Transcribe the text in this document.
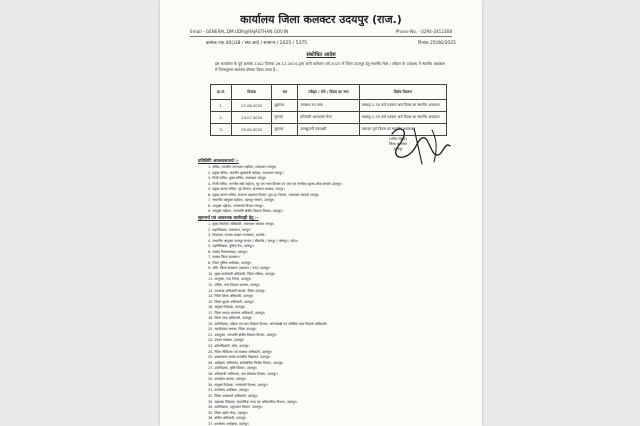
कार्यालय जिला कलक्टर उदयपुर (राज.)
Email - GENERAL.DM.UDR@RAJASTHAN.GOV.IN	Phone No. - 0294-2412308
क्रमांक एफ.40()28 / स्था.आदे / सामान्य / 2025 / 5375	दिनांक 25/06/2025
संशोधित आदेश
इस कार्यालय के पूर्व क्रमांक 1342 दिनांक 26.12.2024 द्वारा जारी कलेक्टर वर्ष 2025 में जिला उदयपुर हेतु स्थानीय मेला / त्यौहार के उपलक्ष्य में स्थानीय अवकाश में निम्नानुसार संशोधन घोषणा किया जाता है :-
क्र.सं.	दिनांक	वार	त्यौहार / मेले / दिवस का नाम	विशेष विवरण
1.	27.06.2025	शुक्रवार	जगन्नाथ रथ यात्रा	मध्याह्न 1:30 बजे पश्चात अर्ध दिवस का स्थानीय अवकाश
2.	24.07.2025	गुरुवार	हरियाली अमावस्या मेला	मध्याह्न 1:30 बजे पश्चात अर्ध दिवस का स्थानीय अवकाश
3.	03.09.2025	बुधवार	जलझूलनी एकादशी	यथावत पूर्ण दिवस का स्थानीय अवकाश
(नमित मेहता)
जिला कलक्टर
उदयपुर
प्रतिलिपि आवश्यकतार्थ :-
1. सचिव, माननीय राज्यपाल महोदय, राजभवन जयपुर।
2. प्रमुख सचिव, माननीय मुख्यमंत्री महोदय, राजस्थान जयपुर।
3. निजी सचिव, मुख्य सचिव, राजस्थान जयपुर।
4. निजी सचिव, माननीय मंत्री महोदय, गृह एवं न्याय विभाग एवं जल एवं नागरिक सुरक्षा-लोक सम्पर्क उदयपुर।
5. प्रमुख शासन सचिव, गृह विभाग, राजस्थान सरकार, जयपुर।
6. प्रमुख शासन सचिव, सामान्य प्रशासन विभाग (ग्रुप-4) विभाग, राजस्थान सरकार जयपुर।
7. संभागीय आयुक्त महोदय, उदयपुर संभाग, उदयपुर।
8. आयुक्त महोदय, जनसंपर्क विभाग जयपुर।
9. आयुक्त महोदय, जनजाति क्षेत्रीय विकास विभाग, उदयपुर।
सूचनार्थ एवं आवश्यक कार्यवाही हेतु :-
1. मुख्य निर्वाचन अधिकारी, राजस्थान सरकार जयपुर।
2. महानिदेशक, राजस्थान, जयपुर।
3. निबन्धक, राजस्व मण्डल राजस्थान, अजमेर।
4. संभागीय आयुक्त उदयपुर संभाग / बीकानेर / जयपुर / जोधपुर / कोटा।
5. महानिरीक्षक, पुलिस रेंज, उदयपुर।
6. समस्त विभागाध्यक्ष, उदयपुर।
7. समस्त जिला कलक्टर।
8. जिला पुलिस अधीक्षक, उदयपुर।
9. अति. जिला कलक्टर (प्रशासन / नगर) उदयपुर।
10. मुख्य कार्यकारी अधिकारी, जिला परिषद, उदयपुर।
11. आयुक्त, नगर निगम, उदयपुर।
12. सचिव, नगर विकास प्रन्यास, उदयपुर।
13. उपखण्ड अधिकारी समस्त, जिला उदयपुर।
14. जिला शिक्षा अधिकारी, उदयपुर।
15. जिला सूचना अधिकारी, उदयपुर।
16. संयुक्त निदेशक, उदयपुर।
17. जिला समाज कल्याण अधिकारी, उदयपुर।
18. जिला रसद अधिकारी, उदयपुर।
19. उपनिदेशक, महिला एवं बाल विकास विभाग, आंगनबाड़ी एवं समेकित बाल विकास अधिकारी।
20. तहसीलदार समस्त, जिला उदयपुर।
21. उपायुक्त, जनजाति क्षेत्रीय विकास विभाग, उदयपुर।
22. उपवन संरक्षक, उदयपुर।
23. कोषाधिकारी, कोष, उदयपुर।
24. जिला चिकित्सा एवं स्वास्थ्य अधिकारी, उदयपुर।
25. प्रधानाचार्य समस्त राजकीय विद्यालय, उदयपुर।
26. अधीक्षण अभियन्ता, सार्वजनिक निर्माण विभाग, उदयपुर।
27. उपनिदेशक, कृषि विस्तार, उदयपुर।
28. अधिशाषी अभियन्ता, जल संसाधन विभाग, उदयपुर।
29. कार्यालय समस्त, उदयपुर।
30. संयुक्त निदेशक, जनसंपर्क विभाग, उदयपुर।
31. कार्यालय अधीक्षक, उदयपुर।
32. जिला आबकारी अधिकारी, उदयपुर।
33. सहायक निदेशक, सामाजिक न्याय एवं अधिकारिता विभाग, उदयपुर।
34. उपनिदेशक, पशुपालन विभाग, उदयपुर।
35. जिला उद्योग केन्द्र, उदयपुर।
36. क्षेत्रीय अधिकारी, उदयपुर।
37. कार्यालय अधीक्षक, उदयपुर।
